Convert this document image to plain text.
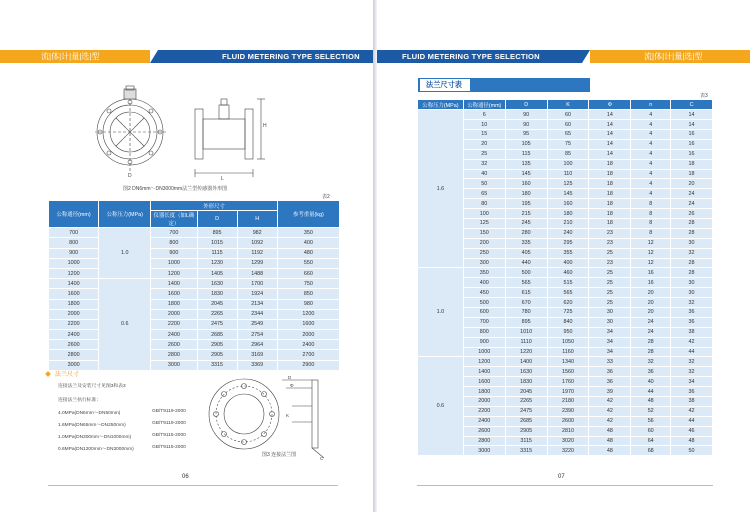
流|体|计|量|选|型	FLUID METERING TYPE SELECTION
D	L
H
图2 DN6mm～DN3000mm法兰型传感器外形图
表2
公称通径(mm)	公称压力(MPa)	外形尺寸			参考重量(kg)
		仪器长度（如L确定）	D	H	
700	1.0	700	895	982	350
800		800	1015	1092	400
900		900	1115	1192	480
1000		1000	1230	1299	550
1200		1200	1405	1488	660
1400	0.6	1400	1630	1700	750
1600		1600	1830	1924	850
1800		1800	2045	2134	980
2000		2000	2265	2344	1200
2200		2200	2475	2549	1600
2400		2400	2685	2754	2000
2600		2600	2905	2964	2400
2800		2800	2905	3169	2700
3000		3000	3315	3369	2900
法兰尺寸
连接法兰及安装尺寸见图3和表3
连接法兰执行标准：
4.0MPa(DN6mm～DN50mm)	GB/T9119-2000
1.6MPa(DN65mm～DN250mm)	GB/T9119-2000
1.0MPa(DN300mm～DN1000mm)	GB/T9115-2000
0.6MPa(DN1200mm～DN3000mm)	GB/T9115-2000
D
Φ
K
C
图3 连接法兰图
06
FLUID METERING TYPE SELECTION	流|体|计|量|选|型
法兰尺寸表
表3
公称压力(MPa)	公称通径(mm)	D	K	Φ	n	C
1.6	6	90	60	14	4	14
	10	90	60	14	4	14
	15	95	65	14	4	16
	20	105	75	14	4	16
	25	115	85	14	4	16
	32	135	100	18	4	18
	40	145	110	18	4	18
	50	160	125	18	4	20
	65	180	145	18	4	24
	80	195	160	18	8	24
	100	215	180	18	8	26
	125	245	210	18	8	28
	150	280	240	23	8	28
	200	335	295	23	12	30
	250	405	355	25	12	32
	300	440	400	23	12	28
1.0	350	500	460	25	16	28
	400	565	515	25	16	30
	450	615	565	25	20	30
	500	670	620	25	20	32
	600	780	725	30	20	36
	700	895	840	30	24	36
	800	1010	950	34	24	38
	900	1110	1050	34	28	42
	1000	1220	1160	34	28	44
0.6	1200	1400	1340	33	32	32
	1400	1630	1560	36	36	32
	1600	1830	1760	36	40	34
	1800	2045	1970	39	44	36
	2000	2265	2180	42	48	38
	2200	2475	2390	42	52	42
	2400	2685	2600	42	56	44
	2600	2905	2810	48	60	46
	2800	3115	3020	48	64	48
	3000	3315	3220	48	68	50
07
